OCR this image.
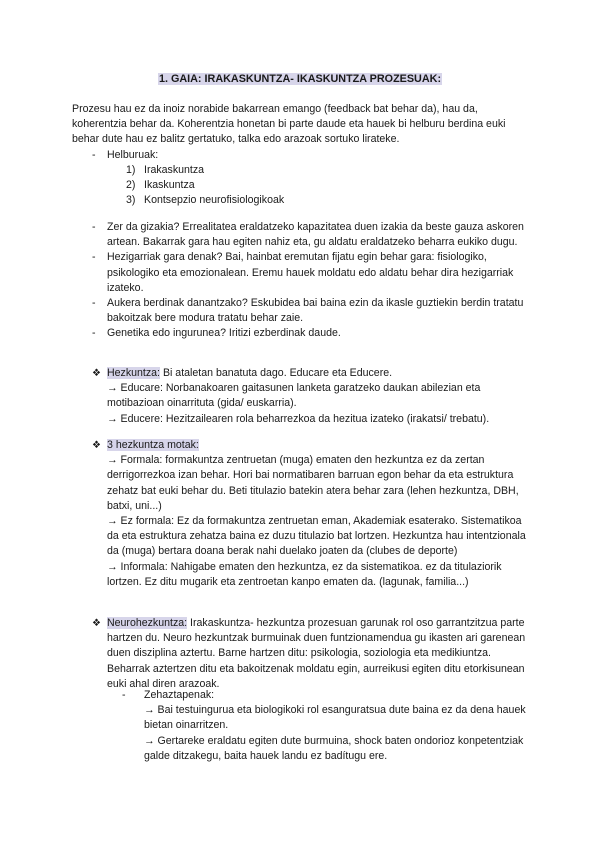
1. GAIA: IRAKASKUNTZA- IKASKUNTZA PROZESUAK:
Prozesu hau ez da inoiz norabide bakarrean emango (feedback bat behar da), hau da, koherentzia behar da. Koherentzia honetan bi parte daude eta hauek bi helburu berdina euki behar dute hau ez balitz gertatuko, talka edo arazoak sortuko lirateke.
- Helburuak:
1) Irakaskuntza
2) Ikaskuntza
3) Kontsepzio neurofisiologikoak
- Zer da gizakia? Errealitatea eraldatzeko kapazitatea duen izakia da beste gauza askoren artean. Bakarrak gara hau egiten nahiz eta, gu aldatu eraldatzeko beharra eukiko dugu.
- Hezigarriak gara denak? Bai, hainbat eremutan fijatu egin behar gara: fisiologiko, psikologiko eta emozionalean. Eremu hauek moldatu edo aldatu behar dira hezigarriak izateko.
- Aukera berdinak danantzako? Eskubidea bai baina ezin da ikasle guztiekin berdin tratatu bakoitzak bere modura tratatu behar zaie.
- Genetika edo ingurunea? Iritizi ezberdinak daude.
❖ Hezkuntza: Bi ataletan banatuta dago. Educare eta Educere.
→ Educare: Norbanakoaren gaitasunen lanketa garatzeko daukan abilezian eta motibazioan oinarrituta (gida/ euskarria).
→ Educere: Hezitzailearen rola beharrezkoa da hezitua izateko (irakatsi/ trebatu).
❖ 3 hezkuntza motak:
→ Formala: formakuntza zentruetan (muga) ematen den hezkuntza ez da zertan derrigorrezkoa izan behar. Hori bai normatibaren barruan egon behar da eta estruktura zehatz bat euki behar du. Beti titulazio batekin atera behar zara (lehen hezkuntza, DBH, batxi, uni...)
→ Ez formala: Ez da formakuntza zentruetan eman, Akademiak esaterako. Sistematikoa da eta estruktura zehatza baina ez duzu titulazio bat lortzen. Hezkuntza hau intentzionala da (muga) bertara doana berak nahi duelako joaten da (clubes de deporte)
→ Informala: Nahigabe ematen den hezkuntza, ez da sistematikoa. ez da titulaziorik lortzen. Ez ditu mugarik eta zentroetan kanpo ematen da. (lagunak, familia...)
❖ Neurohezkuntza: Irakaskuntza- hezkuntza prozesuan garunak rol oso garrantzitzua parte hartzen du. Neuro hezkuntzak burmuinak duen funtzionamendua gu ikasten ari garenean duen disziplina aztertu. Barne hartzen ditu: psikologia, soziologia eta medikiuntza. Beharrak aztertzen ditu eta bakoitzenak moldatu egin, aurreikusi egiten ditu etorkisunean euki ahal diren arazoak.
- Zehaztapenak:
→ Bai testuingurua eta biologikoki rol esanguratsua dute baina ez da dena hauek bietan oinarritzen.
→ Gertareke eraldatu egiten dute burmuina, shock baten ondorioz konpetentziak galde ditzakegu, baita hauek landu ez badítugu ere.
